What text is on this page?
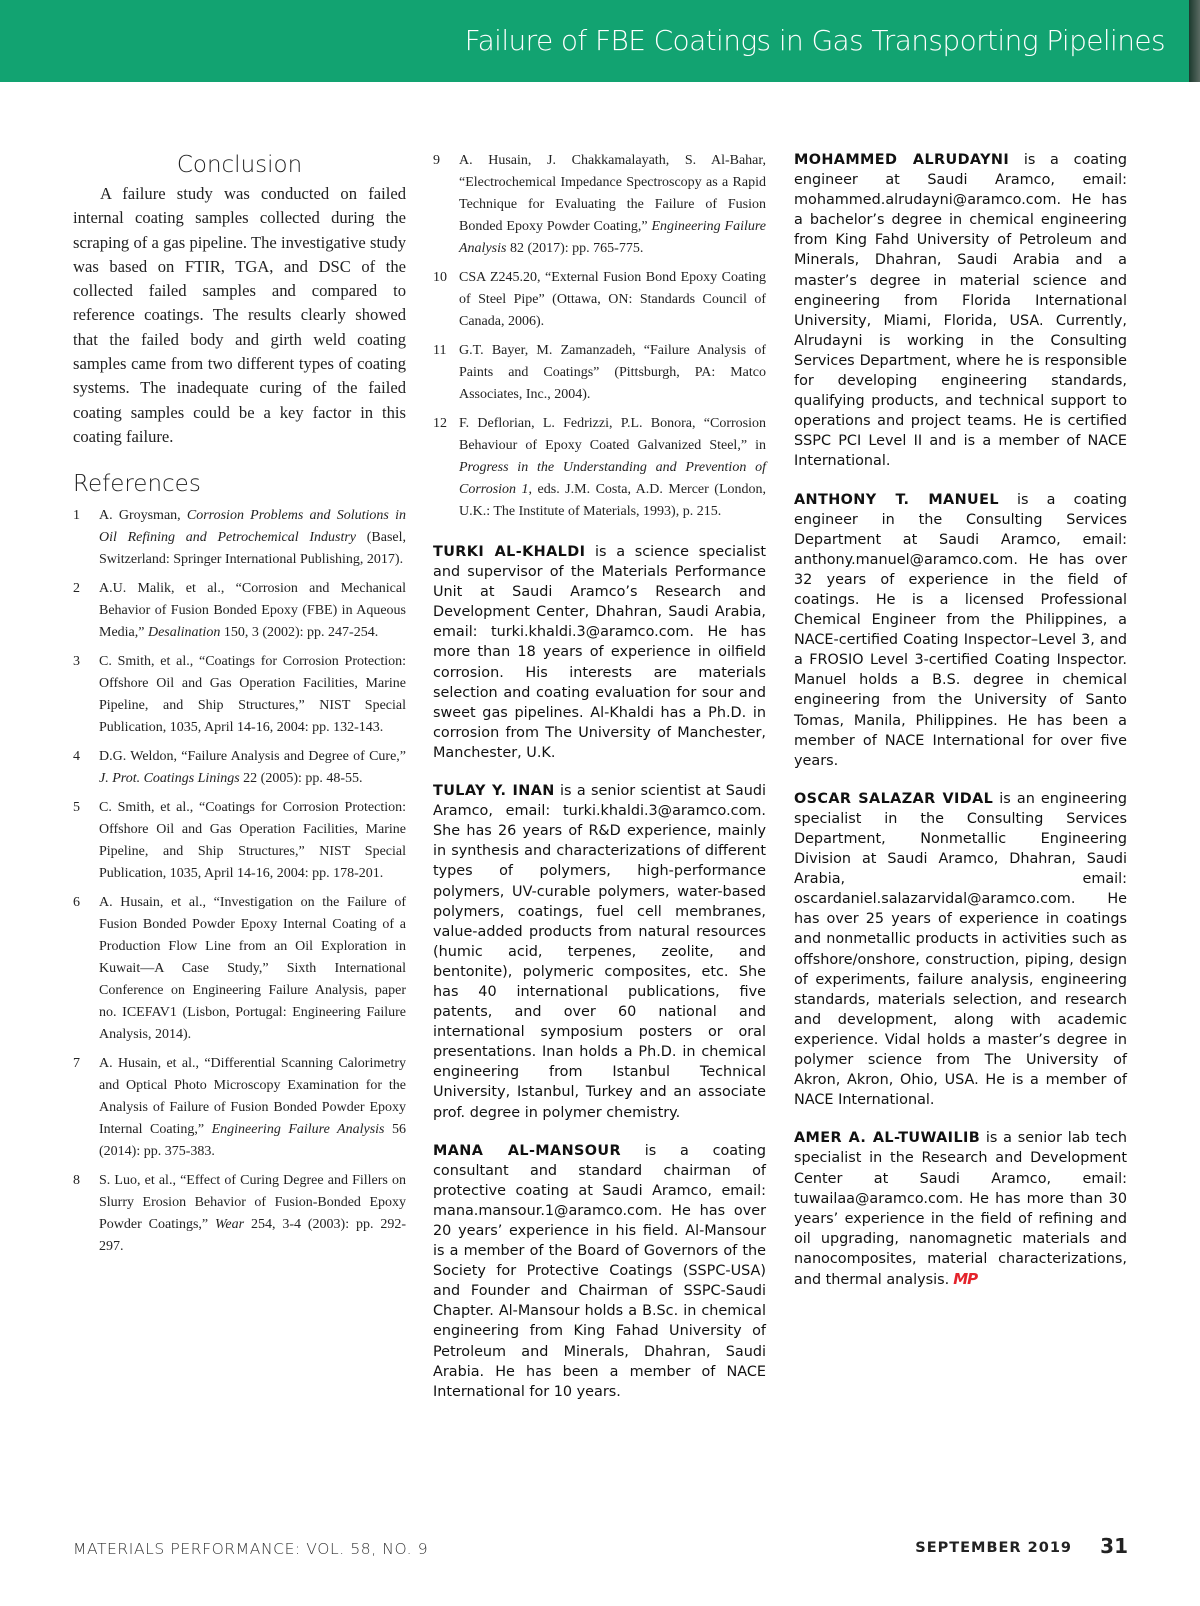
Failure of FBE Coatings in Gas Transporting Pipelines
Conclusion

A failure study was conducted on failed internal coating samples collected during the scraping of a gas pipeline. The investigative study was based on FTIR, TGA, and DSC of the collected failed samples and compared to reference coatings. The results clearly showed that the failed body and girth weld coating samples came from two different types of coating systems. The inadequate curing of the failed coating samples could be a key factor in this coating failure.

References
1	A. Groysman, Corrosion Problems and Solutions in Oil Refining and Petrochemical Industry (Basel, Switzerland: Springer International Publishing, 2017).
2	A.U. Malik, et al., “Corrosion and Mechanical Behavior of Fusion Bonded Epoxy (FBE) in Aqueous Media,” Desalination 150, 3 (2002): pp. 247-254.
3	C. Smith, et al., “Coatings for Corrosion Protection: Offshore Oil and Gas Operation Facilities, Marine Pipeline, and Ship Structures,” NIST Special Publication, 1035, April 14-16, 2004: pp. 132-143.
4	D.G. Weldon, “Failure Analysis and Degree of Cure,” J. Prot. Coatings Linings 22 (2005): pp. 48-55.
5	C. Smith, et al., “Coatings for Corrosion Protection: Offshore Oil and Gas Operation Facilities, Marine Pipeline, and Ship Structures,” NIST Special Publication, 1035, April 14-16, 2004: pp. 178-201.
6	A. Husain, et al., “Investigation on the Failure of Fusion Bonded Powder Epoxy Internal Coating of a Production Flow Line from an Oil Exploration in Kuwait—A Case Study,” Sixth International Conference on Engineering Failure Analysis, paper no. ICEFAV1 (Lisbon, Portugal: Engineering Failure Analysis, 2014).
7	A. Husain, et al., “Differential Scanning Calorimetry and Optical Photo Microscopy Examination for the Analysis of Failure of Fusion Bonded Powder Epoxy Internal Coating,” Engineering Failure Analysis 56 (2014): pp. 375-383.
8	S. Luo, et al., “Effect of Curing Degree and Fillers on Slurry Erosion Behavior of Fusion-Bonded Epoxy Powder Coatings,” Wear 254, 3-4 (2003): pp. 292-297.
9	A. Husain, J. Chakkamalayath, S. Al-Bahar, “Electrochemical Impedance Spectroscopy as a Rapid Technique for Evaluating the Failure of Fusion Bonded Epoxy Powder Coating,” Engineering Failure Analysis 82 (2017): pp. 765-775.
10 CSA Z245.20, “External Fusion Bond Epoxy Coating of Steel Pipe” (Ottawa, ON: Standards Council of Canada, 2006).
11 G.T. Bayer, M. Zamanzadeh, “Failure Analysis of Paints and Coatings” (Pittsburgh, PA: Matco Associates, Inc., 2004).
12 F. Deflorian, L. Fedrizzi, P.L. Bonora, “Corrosion Behaviour of Epoxy Coated Galvanized Steel,” in Progress in the Understanding and Prevention of Corrosion 1, eds. J.M. Costa, A.D. Mercer (London, U.K.: The Institute of Materials, 1993), p. 215.

TURKI AL-KHALDI is a science specialist and supervisor of the Materials Performance Unit at Saudi Aramco’s Research and Development Center, Dhahran, Saudi Arabia, email: turki.khaldi.3@aramco.com. He has more than 18 years of experience in oilfield corrosion. His interests are materials selection and coating evaluation for sour and sweet gas pipelines. Al-Khaldi has a Ph.D. in corrosion from The University of Manchester, Manchester, U.K.

TULAY Y. INAN is a senior scientist at Saudi Aramco, email: turki.khaldi.3@aramco.com. She has 26 years of R&D experience, mainly in synthesis and characterizations of different types of polymers, high-performance polymers, UV-curable polymers, water-based polymers, coatings, fuel cell membranes, value-added products from natural resources (humic acid, terpenes, zeolite, and bentonite), polymeric composites, etc. She has 40 international publications, five patents, and over 60 national and international symposium posters or oral presentations. Inan holds a Ph.D. in chemical engineering from Istanbul Technical University, Istanbul, Turkey and an associate prof. degree in polymer chemistry.

MANA AL-MANSOUR is a coating consultant and standard chairman of protective coating at Saudi Aramco, email: mana.mansour.1@aramco.com. He has over 20 years’ experience in his field. Al-Mansour is a member of the Board of Governors of the Society for Protective Coatings (SSPC-USA) and Founder and Chairman of SSPC-Saudi Chapter. Al-Mansour holds a B.Sc. in chemical engineering from King Fahad University of Petroleum and Minerals, Dhahran, Saudi Arabia. He has been a member of NACE International for 10 years.

MOHAMMED ALRUDAYNI is a coating engineer at Saudi Aramco, email: mohammed.alrudayni@aramco.com. He has a bachelor’s degree in chemical engineering from King Fahd University of Petroleum and Minerals, Dhahran, Saudi Arabia and a master’s degree in material science and engineering from Florida International University, Miami, Florida, USA. Currently, Alrudayni is working in the Consulting Services Department, where he is responsible for developing engineering standards, qualifying products, and technical support to operations and project teams. He is certified SSPC PCI Level II and is a member of NACE International.

ANTHONY T. MANUEL is a coating engineer in the Consulting Services Department at Saudi Aramco, email: anthony.manuel@aramco.com. He has over 32 years of experience in the field of coatings. He is a licensed Professional Chemical Engineer from the Philippines, a NACE-certified Coating Inspector–Level 3, and a FROSIO Level 3-certified Coating Inspector. Manuel holds a B.S. degree in chemical engineering from the University of Santo Tomas, Manila, Philippines. He has been a member of NACE International for over five years.

OSCAR SALAZAR VIDAL is an engineering specialist in the Consulting Services Department, Nonmetallic Engineering Division at Saudi Aramco, Dhahran, Saudi Arabia, email: oscardaniel.salazarvidal@aramco.com. He has over 25 years of experience in coatings and nonmetallic products in activities such as offshore/onshore, construction, piping, design of experiments, failure analysis, engineering standards, materials selection, and research and development, along with academic experience. Vidal holds a master’s degree in polymer science from The University of Akron, Akron, Ohio, USA. He is a member of NACE International.

AMER A. AL-TUWAILIB is a senior lab tech specialist in the Research and Development Center at Saudi Aramco, email: tuwailaa@aramco.com. He has more than 30 years’ experience in the field of refining and oil upgrading, nanomagnetic materials and nanocomposites, material characterizations, and thermal analysis. MP

MATERIALS PERFORMANCE: VOL. 58, NO. 9	SEPTEMBER 2019 31
